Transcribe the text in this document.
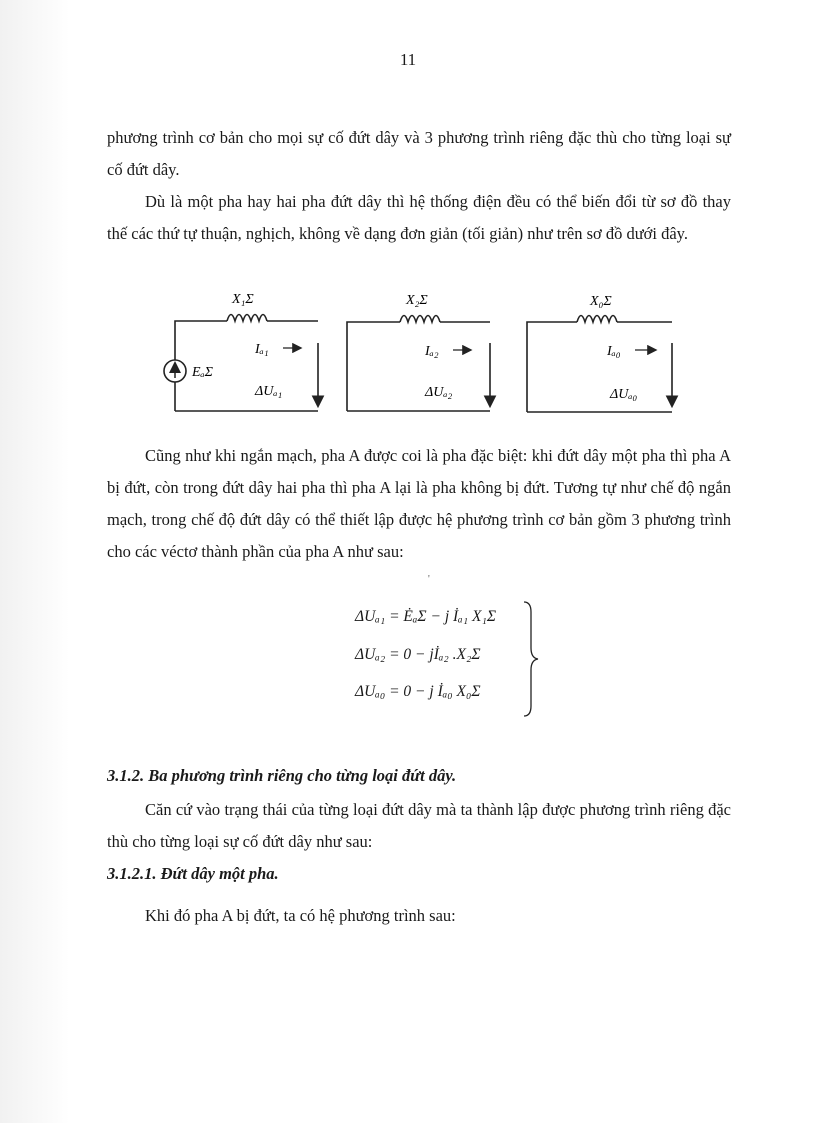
11

phương trình cơ bản cho mọi sự cố đứt dây và 3 phương trình riêng đặc thù cho từng loại sự cố đứt dây.

Dù là một pha hay hai pha đứt dây thì hệ thống điện đều có thể biến đổi từ sơ đồ thay thế các thứ tự thuận, nghịch, không về dạng đơn giản (tối giản) như trên sơ đồ dưới đây.

EₐΣ
X₁Σ
Iₐ₁
ΔUₐ₁
X₂Σ
Iₐ₂
ΔUₐ₂
X₀Σ
Iₐ₀
ΔUₐ₀

Cũng như khi ngắn mạch, pha A được coi là pha đặc biệt: khi đứt dây một pha thì pha A bị đứt, còn trong đứt dây hai pha thì pha A lại là pha không bị đứt. Tương tự như chế độ ngắn mạch, trong chế độ đứt dây có thể thiết lập được hệ phương trình cơ bản gồm 3 phương trình cho các véctơ thành phần của pha A như sau:

'
ΔUₐ₁ = ĖₐΣ − j İₐ₁ X₁Σ
ΔUₐ₂ = 0 − jİₐ₂ .X₂Σ
ΔUₐ₀ = 0 − j İₐ₀ X₀Σ
3.1.2. Ba phương trình riêng cho từng loại đứt dây.

Căn cứ vào trạng thái của từng loại đứt dây mà ta thành lập được phương trình riêng đặc thù cho từng loại sự cố đứt dây như sau:

3.1.2.1. Đứt dây một pha.

Khi đó pha A bị đứt, ta có hệ phương trình sau:
